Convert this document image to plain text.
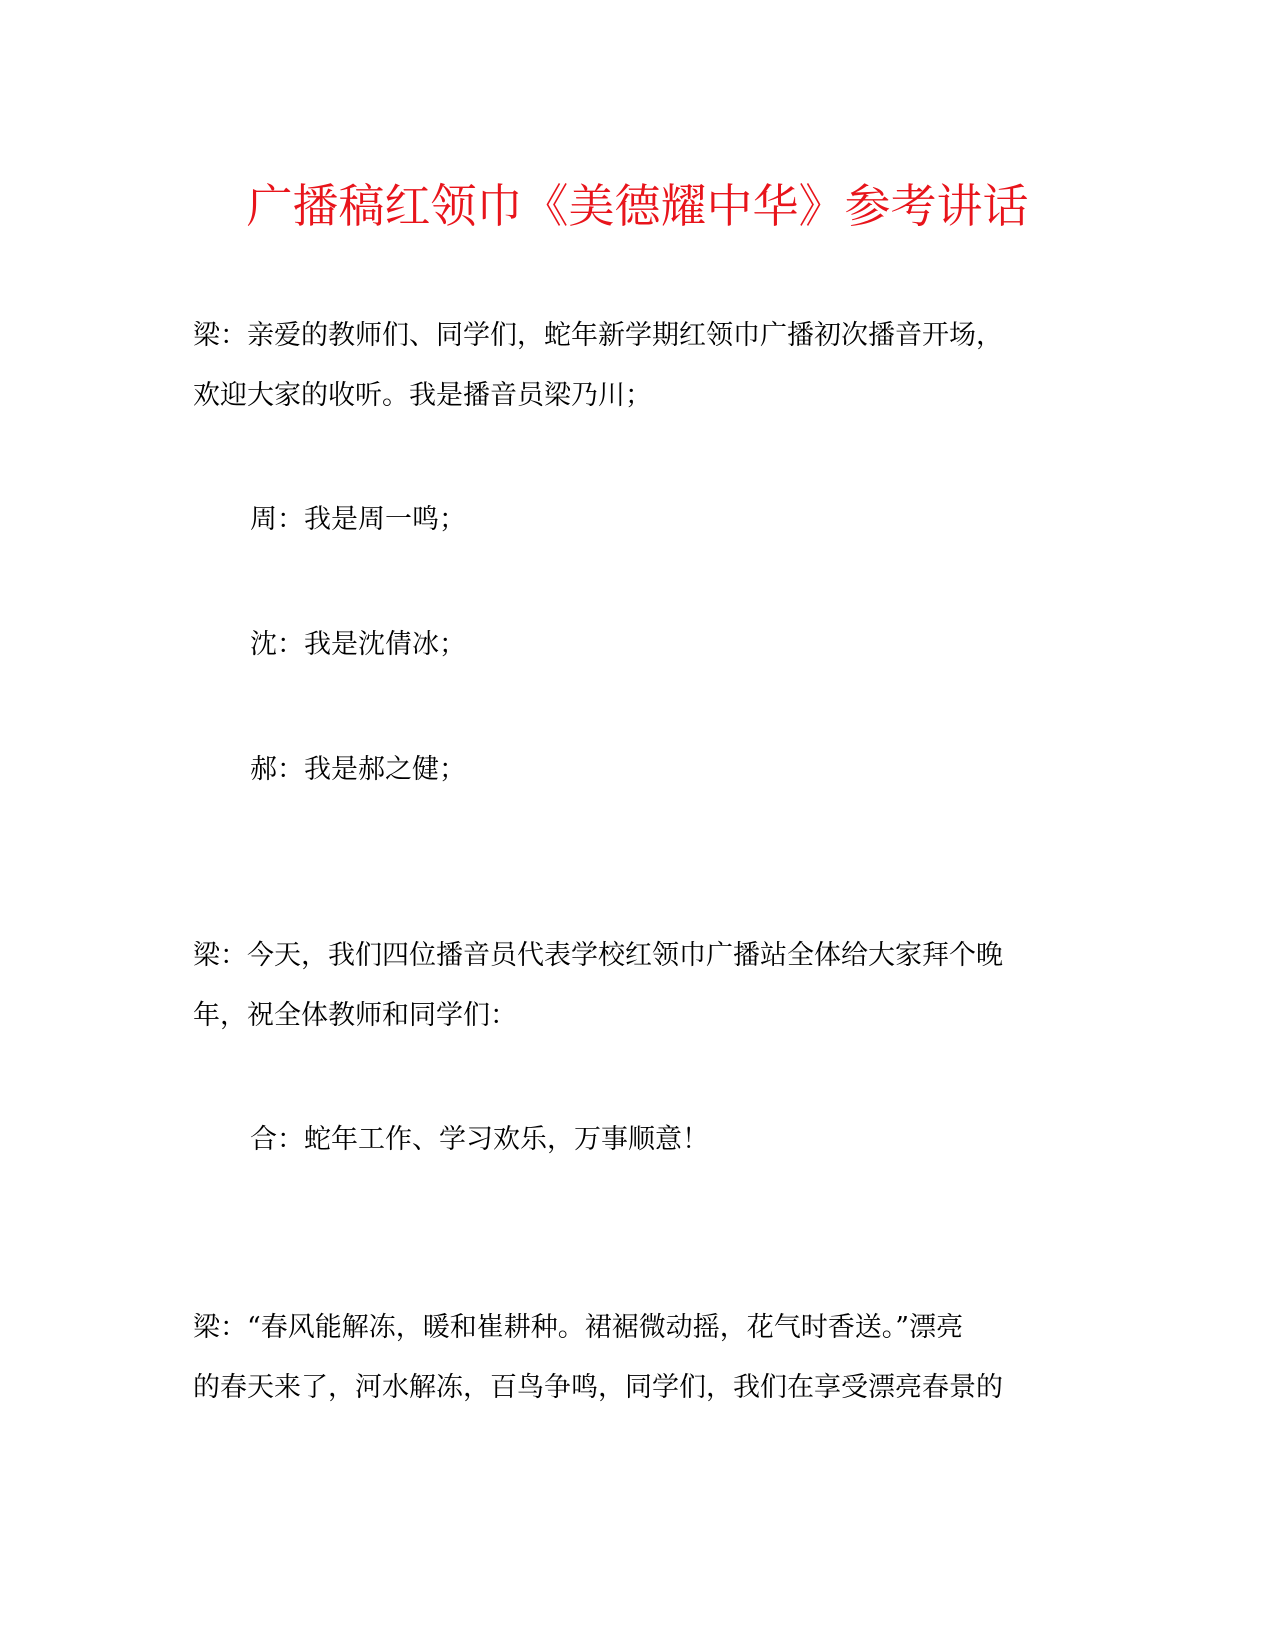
广播稿红领巾《美德耀中华》参考讲话
梁：亲爱的教师们、同学们，蛇年新学期红领巾广播初次播音开场，
欢迎大家的收听。我是播音员梁乃川；
周：我是周一鸣；
沈：我是沈倩冰；
郝：我是郝之健；
梁：今天，我们四位播音员代表学校红领巾广播站全体给大家拜个晚
年，祝全体教师和同学们：
合：蛇年工作、学习欢乐，万事顺意！
梁：“春风能解冻，暖和崔耕种。裙裾微动摇，花气时香送。”漂亮
的春天来了，河水解冻，百鸟争鸣，同学们，我们在享受漂亮春景的
